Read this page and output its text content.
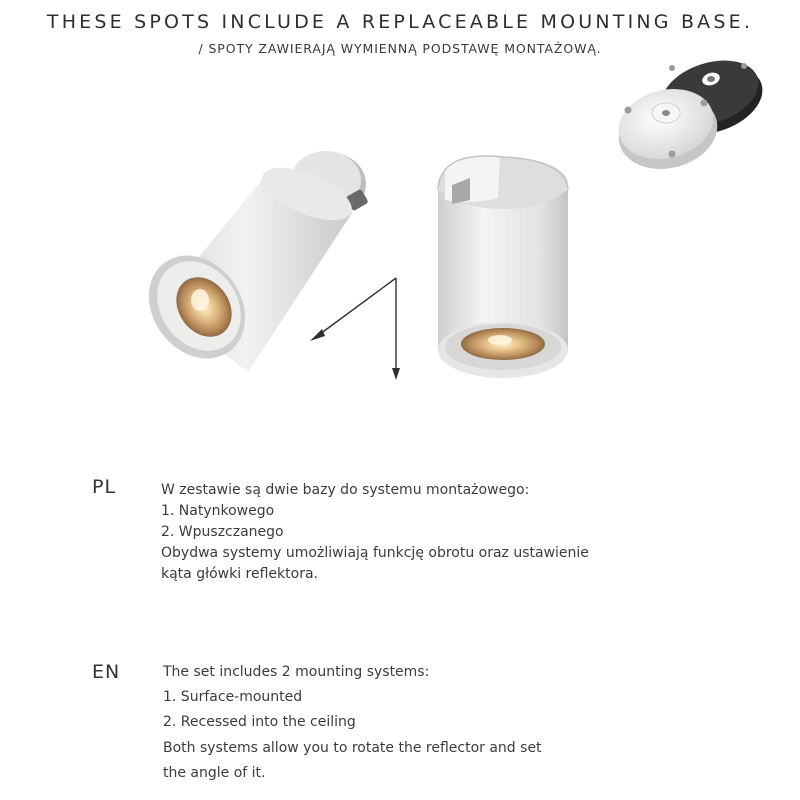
THESE SPOTS INCLUDE A REPLACEABLE MOUNTING BASE.
/ SPOTY ZAWIERAJĄ WYMIENNĄ PODSTAWĘ MONTAŻOWĄ.
PL	W zestawie są dwie bazy do systemu montażowego:
1. Natynkowego
2. Wpuszczanego
Obydwa systemy umożliwiają funkcję obrotu oraz ustawienie
kąta główki reflektora.
EN	The set includes 2 mounting systems:
1. Surface-mounted
2. Recessed into the ceiling
Both systems allow you to rotate the reflector and set
the angle of it.
